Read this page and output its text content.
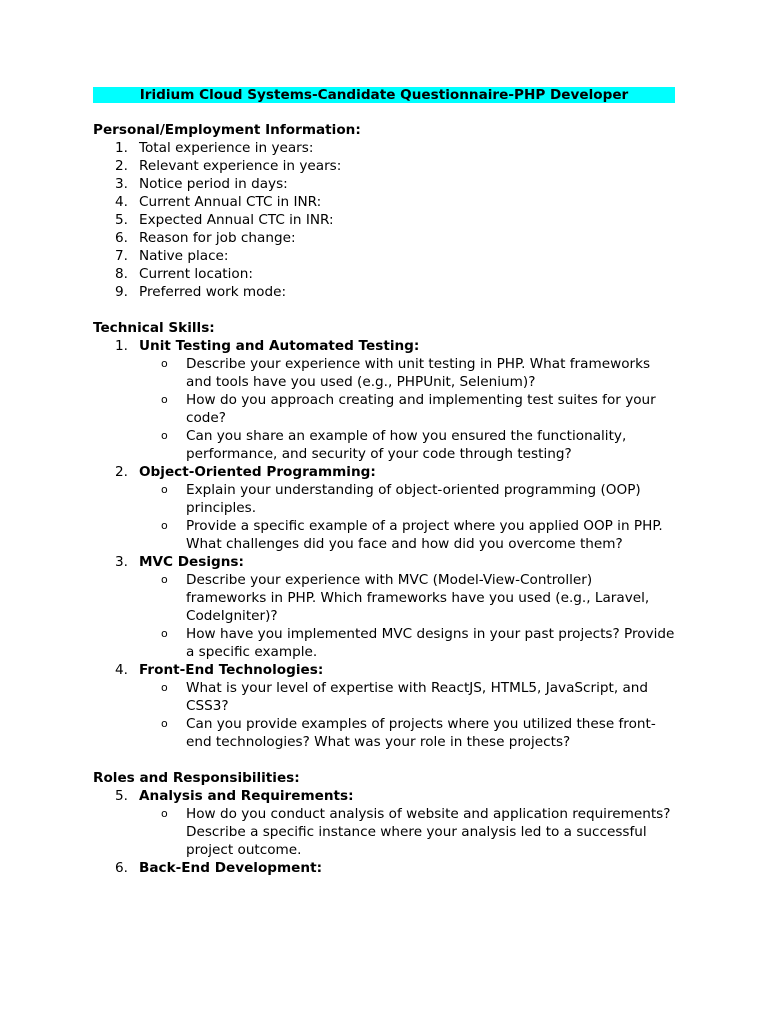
Iridium Cloud Systems-Candidate Questionnaire-PHP Developer
Personal/Employment Information:
1. Total experience in years:
2. Relevant experience in years:
3. Notice period in days:
4. Current Annual CTC in INR:
5. Expected Annual CTC in INR:
6. Reason for job change:
7. Native place:
8. Current location:
9. Preferred work mode:
Technical Skills:
1. Unit Testing and Automated Testing:
o Describe your experience with unit testing in PHP. What frameworks and tools have you used (e.g., PHPUnit, Selenium)?
o How do you approach creating and implementing test suites for your code?
o Can you share an example of how you ensured the functionality, performance, and security of your code through testing?
2. Object-Oriented Programming:
o Explain your understanding of object-oriented programming (OOP) principles.
o Provide a specific example of a project where you applied OOP in PHP. What challenges did you face and how did you overcome them?
3. MVC Designs:
o Describe your experience with MVC (Model-View-Controller) frameworks in PHP. Which frameworks have you used (e.g., Laravel, CodeIgniter)?
o How have you implemented MVC designs in your past projects? Provide a specific example.
4. Front-End Technologies:
o What is your level of expertise with ReactJS, HTML5, JavaScript, and CSS3?
o Can you provide examples of projects where you utilized these front-end technologies? What was your role in these projects?
Roles and Responsibilities:
5. Analysis and Requirements:
o How do you conduct analysis of website and application requirements? Describe a specific instance where your analysis led to a successful project outcome.
6. Back-End Development:
